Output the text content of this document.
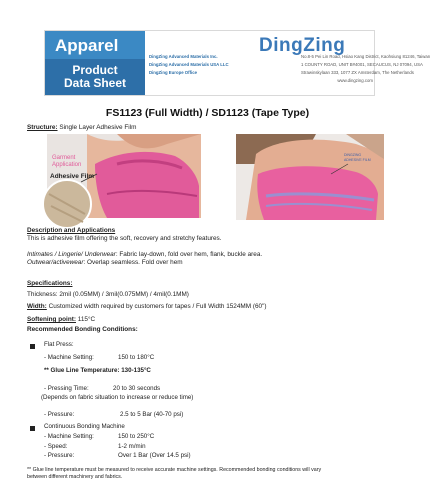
Apparel
Product
Data Sheet
DingZing
DingZing Advanced Materials Inc.
DingZing Advanced Materials USA LLC
DingZing Europe Office
No.8-5 Pei Lin Road, Hsiao Kang District, Kaohsiung 81246, Taiwan
1 COUNTY ROAD, UNIT B#4001, SECAUCUS, NJ 07094, USA
Strawinskylaan 333, 1077 ZX Amsterdam, The Netherlands
www.dingzing.com
FS1123 (Full Width) / SD1123 (Tape Type)
Structure: Single Layer Adhesive Film
Garment
Application
Adhesive Film
DINGZING
ADHESIVE FILM
Description and Applications
This is adhesive film offering the soft, recovery and stretchy features.
Intimates / Lingerie/ Underwear: Fabric lay-down, fold over hem, flank, buckle area.
Outwear/activewear: Overlap seamless. Fold over hem
Specifications:
Thickness: 2mil (0.05MM) / 3mil(0.075MM) / 4mil(0.1MM)
Width: Customized width required by customers for tapes / Full Width 1524MM (60")
Softening point: 115°C
Recommended Bonding Conditions:
Flat Press:
- Machine Setting:	150 to 180°C
** Glue Line Temperature: 130-135°C
- Pressing Time:	20 to 30 seconds
(Depends on fabric situation to increase or reduce time)
- Pressure:	2.5 to 5 Bar (40-70 psi)
Continuous Bonding Machine
- Machine Setting:	150 to 250°C
- Speed:	1-2 m/min
- Pressure:	Over 1 Bar (Over 14.5 psi)
** Glue line temperature must be measured to receive accurate machine settings. Recommended bonding conditions will vary
between different machinery and fabrics.
